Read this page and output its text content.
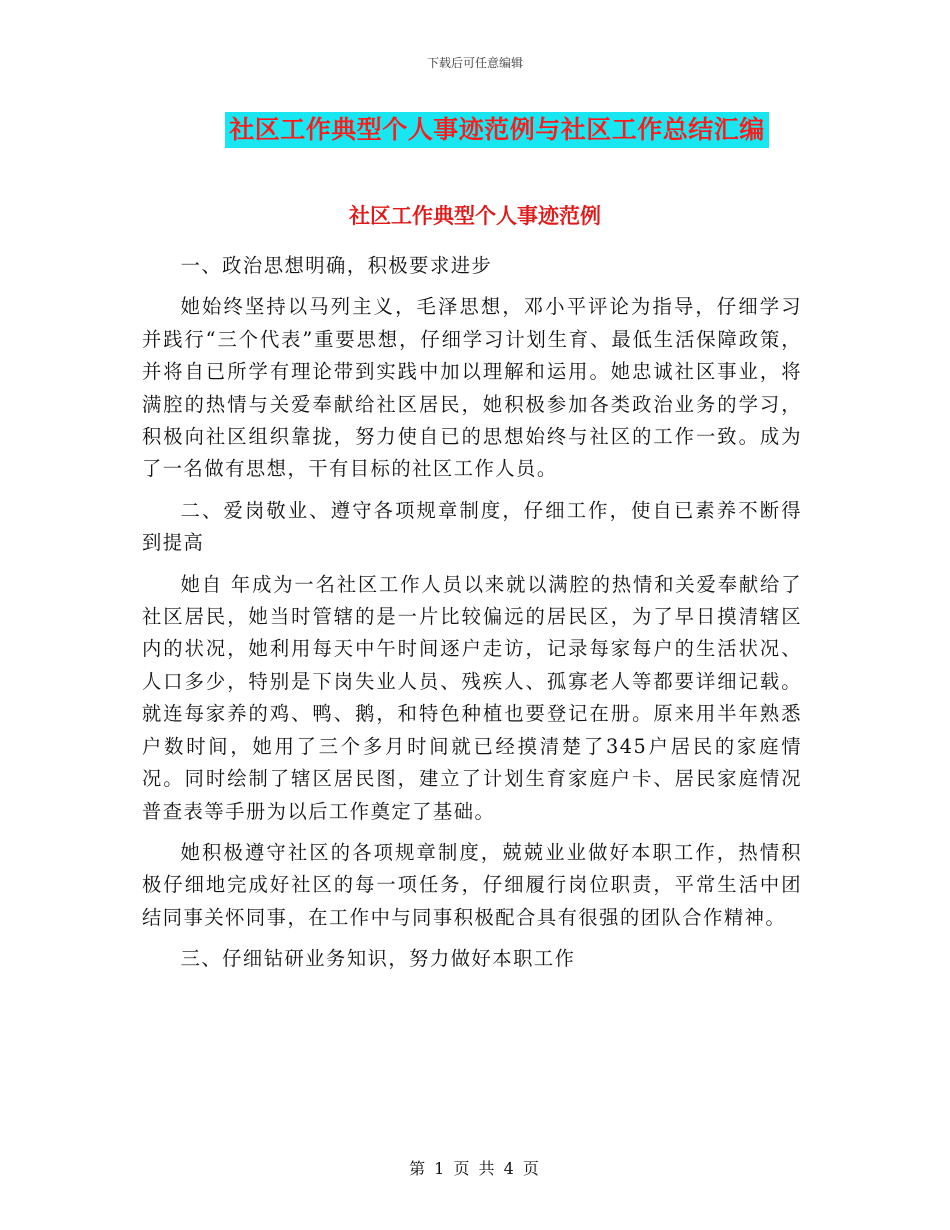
下载后可任意编辑
社区工作典型个人事迹范例与社区工作总结汇编
社区工作典型个人事迹范例

一、政治思想明确，积极要求进步

她始终坚持以马列主义，毛泽思想，邓小平评论为指导，仔细学习并践行“三个代表”重要思想，仔细学习计划生育、最低生活保障政策，并将自已所学有理论带到实践中加以理解和运用。她忠诚社区事业，将满腔的热情与关爱奉献给社区居民，她积极参加各类政治业务的学习，积极向社区组织靠拢，努力使自已的思想始终与社区的工作一致。成为了一名做有思想，干有目标的社区工作人员。

二、爱岗敬业、遵守各项规章制度，仔细工作，使自已素养不断得到提高

她自 年成为一名社区工作人员以来就以满腔的热情和关爱奉献给了社区居民，她当时管辖的是一片比较偏远的居民区，为了早日摸清辖区内的状况，她利用每天中午时间逐户走访，记录每家每户的生活状况、人口多少，特别是下岗失业人员、残疾人、孤寡老人等都要详细记载。就连每家养的鸡、鸭、鹅，和特色种植也要登记在册。原来用半年熟悉户数时间，她用了三个多月时间就已经摸清楚了345户居民的家庭情况。同时绘制了辖区居民图，建立了计划生育家庭户卡、居民家庭情况普查表等手册为以后工作奠定了基础。

她积极遵守社区的各项规章制度，兢兢业业做好本职工作，热情积极仔细地完成好社区的每一项任务，仔细履行岗位职责，平常生活中团结同事关怀同事，在工作中与同事积极配合具有很强的团队合作精神。

三、仔细钻研业务知识，努力做好本职工作

第 1 页 共 4 页
